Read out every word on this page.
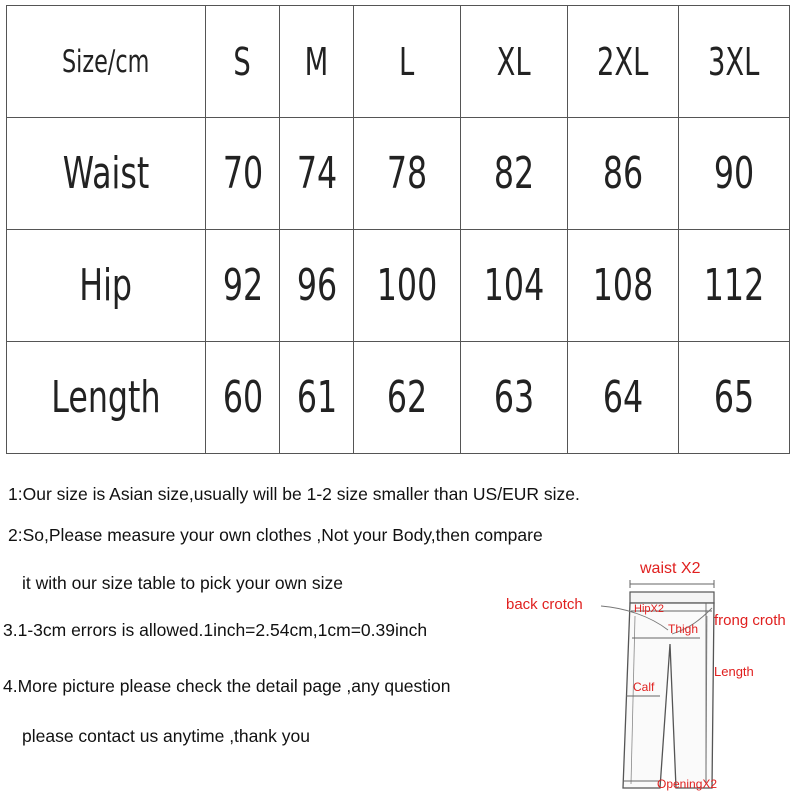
Size/cm	S	M	L	XL	2XL	3XL
Waist	70	74	78	82	86	90
Hip	92	96	100	104	108	112
Length	60	61	62	63	64	65
1:Our size is Asian size,usually will be 1-2 size smaller than US/EUR size.
2:So,Please measure your own clothes ,Not your Body,then compare
it with our size table to pick your own size
3.1-3cm errors is allowed.1inch=2.54cm,1cm=0.39inch
4.More picture please check the detail page ,any question
please contact us anytime ,thank you
waist X2
back crotch	HipX2
Thigh frong croth
Length
Calf
OpeningX2
